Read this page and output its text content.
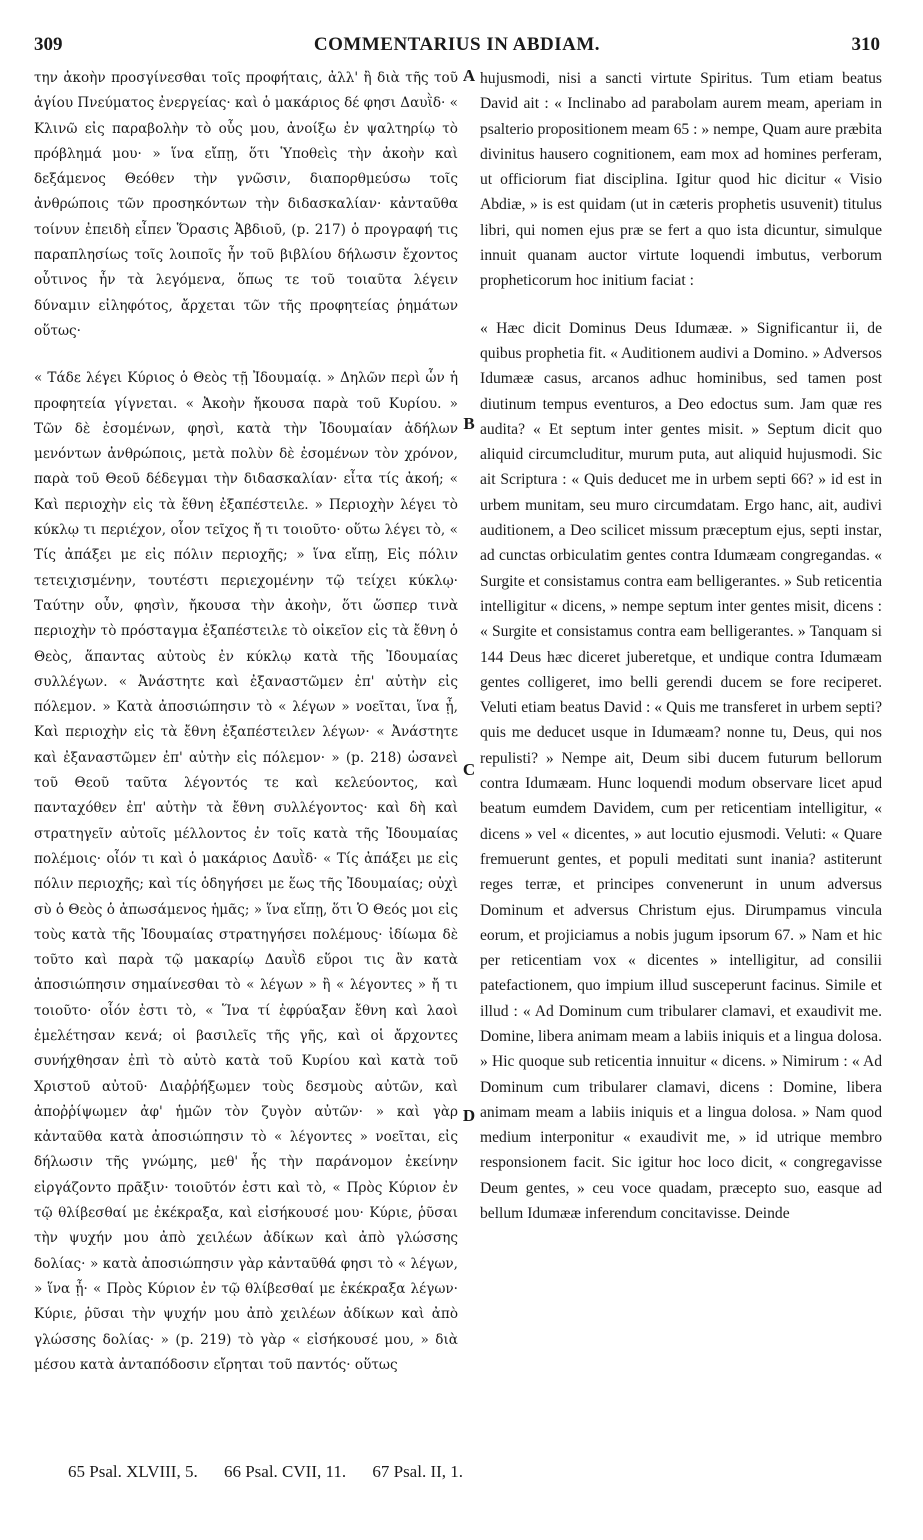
309	COMMENTARIUS IN ABDIAM.	310

την ἀκοὴν προσγίνεσθαι τοῖς προφήταις, ἀλλ' ἢ διὰ τῆς τοῦ ἁγίου Πνεύματος ἐνεργείας· καὶ ὁ μακάριος δέ φησι Δαυῒδ· « Κλινῶ εἰς παραβολὴν τὸ οὖς μου, ἀνοίξω ἐν ψαλτηρίῳ τὸ πρόβλημά μου· » ἵνα εἴπῃ, ὅτι Ὑποθεὶς τὴν ἀκοὴν καὶ δεξάμενος Θεόθεν τὴν γνῶσιν, διαπορθμεύσω τοῖς ἀνθρώποις τῶν προσηκόντων τὴν διδασκαλίαν· κἀνταῦθα τοίνυν ἐπειδὴ εἶπεν Ὅρασις Ἀβδιοῦ, (p. 217) ὁ προγραφή τις παραπλησίως τοῖς λοιποῖς ἦν τοῦ βιβλίου δήλωσιν ἔχοντος οὗτινος ἦν τὰ λεγόμενα, ὅπως τε τοῦ τοιαῦτα λέγειν δύναμιν εἰληφότος, ἄρχεται τῶν τῆς προφητείας ῥημάτων οὕτως·

« Τάδε λέγει Κύριος ὁ Θεὸς τῇ Ἰδουμαίᾳ. » Δηλῶν περὶ ὧν ἡ προφητεία γίγνεται. « Ἀκοὴν ἤκουσα παρὰ τοῦ Κυρίου. » Τῶν δὲ ἐσομένων, φησὶ, κατὰ τὴν Ἰδουμαίαν ἀδήλων μενόντων ἀνθρώποις, μετὰ πολὺν δὲ ἐσομένων τὸν χρόνον, παρὰ τοῦ Θεοῦ δέδεγμαι τὴν διδασκαλίαν· εἶτα τίς ἀκοή; « Καὶ περιοχὴν εἰς τὰ ἔθνη ἐξαπέστειλε. » Περιοχὴν λέγει τὸ κύκλῳ τι περιέχον, οἷον τεῖχος ἤ τι τοιοῦτο· οὕτω λέγει τὸ, « Τίς ἀπάξει με εἰς πόλιν περιοχῆς; » ἵνα εἴπῃ, Εἰς πόλιν τετειχισμένην, τουτέστι περιεχομένην τῷ τείχει κύκλῳ· Ταύτην οὖν, φησὶν, ἤκουσα τὴν ἀκοὴν, ὅτι ὥσπερ τινὰ περιοχὴν τὸ πρόσταγμα ἐξαπέστειλε τὸ οἰκεῖον εἰς τὰ ἔθνη ὁ Θεὸς, ἅπαντας αὐτοὺς ἐν κύκλῳ κατὰ τῆς Ἰδουμαίας συλλέγων. « Ἀνάστητε καὶ ἐξαναστῶμεν ἐπ' αὐτὴν εἰς πόλεμον. » Κατὰ ἀποσιώπησιν τὸ « λέγων » νοεῖται, ἵνα ᾖ, Καὶ περιοχὴν εἰς τὰ ἔθνη ἐξαπέστειλεν λέγων· « Ἀνάστητε καὶ ἐξαναστῶμεν ἐπ' αὐτὴν εἰς πόλεμον· » (p. 218) ὡσανεὶ τοῦ Θεοῦ ταῦτα λέγοντός τε καὶ κελεύοντος, καὶ πανταχόθεν ἐπ' αὐτὴν τὰ ἔθνη συλλέγοντος· καὶ δὴ καὶ στρατηγεῖν αὐτοῖς μέλλοντος ἐν τοῖς κατὰ τῆς Ἰδουμαίας πολέμοις· οἷόν τι καὶ ὁ μακάριος Δαυῒδ· « Τίς ἀπάξει με εἰς πόλιν περιοχῆς; καὶ τίς ὁδηγήσει με ἕως τῆς Ἰδουμαίας; οὐχὶ σὺ ὁ Θεὸς ὁ ἀπωσάμενος ἡμᾶς; » ἵνα εἴπῃ, ὅτι Ὁ Θεός μοι εἰς τοὺς κατὰ τῆς Ἰδουμαίας στρατηγήσει πολέμους· ἰδίωμα δὲ τοῦτο καὶ παρὰ τῷ μακαρίῳ Δαυῒδ εὕροι τις ἂν κατὰ ἀποσιώπησιν σημαίνεσθαι τὸ « λέγων » ἢ « λέγοντες » ἤ τι τοιοῦτο· οἷόν ἐστι τὸ, « Ἵνα τί ἐφρύαξαν ἔθνη καὶ λαοὶ ἐμελέτησαν κενά; οἱ βασιλεῖς τῆς γῆς, καὶ οἱ ἄρχοντες συνήχθησαν ἐπὶ τὸ αὐτὸ κατὰ τοῦ Κυρίου καὶ κατὰ τοῦ Χριστοῦ αὐτοῦ· Διαῤῥήξωμεν τοὺς δεσμοὺς αὐτῶν, καὶ ἀποῤῥίψωμεν ἀφ' ἡμῶν τὸν ζυγὸν αὐτῶν· » καὶ γὰρ κἀνταῦθα κατὰ ἀποσιώπησιν τὸ « λέγοντες » νοεῖται, εἰς δήλωσιν τῆς γνώμης, μεθ' ἧς τὴν παράνομον ἐκείνην εἰργάζοντο πρᾶξιν· τοιοῦτόν ἐστι καὶ τὸ, « Πρὸς Κύριον ἐν τῷ θλίβεσθαί με ἐκέκραξα, καὶ εἰσήκουσέ μου· Κύριε, ῥῦσαι τὴν ψυχήν μου ἀπὸ χειλέων ἀδίκων καὶ ἀπὸ γλώσσης δολίας· » κατὰ ἀποσιώπησιν γὰρ κἀνταῦθά φησι τὸ « λέγων, » ἵνα ᾖ· « Πρὸς Κύριον ἐν τῷ θλίβεσθαί με ἐκέκραξα λέγων· Κύριε, ῥῦσαι τὴν ψυχήν μου ἀπὸ χειλέων ἀδίκων καὶ ἀπὸ γλώσσης δολίας· » (p. 219) τὸ γὰρ « εἰσήκουσέ μου, » διὰ μέσου κατὰ ἀνταπόδοσιν εἴρηται τοῦ παντός· οὕτως

A
B
C
D

hujusmodi, nisi a sancti virtute Spiritus. Tum etiam beatus David ait : « Inclinabo ad parabolam aurem meam, aperiam in psalterio propositionem meam 65 : » nempe, Quam aure præbita divinitus hausero cognitionem, eam mox ad homines perferam, ut officiorum fiat disciplina. Igitur quod hic dicitur « Visio Abdiæ, » is est quidam (ut in cæteris prophetis usuvenit) titulus libri, qui nomen ejus præ se fert a quo ista dicuntur, simulque innuit quanam auctor virtute loquendi imbutus, verborum propheticorum hoc initium faciat :

« Hæc dicit Dominus Deus Idumææ. » Significantur ii, de quibus prophetia fit. « Auditionem audivi a Domino. » Adversos Idumææ casus, arcanos adhuc hominibus, sed tamen post diutinum tempus eventuros, a Deo edoctus sum. Jam quæ res audita? « Et septum inter gentes misit. » Septum dicit quo aliquid circumcluditur, murum puta, aut aliquid hujusmodi. Sic ait Scriptura : « Quis deducet me in urbem septi 66? » id est in urbem munitam, seu muro circumdatam. Ergo hanc, ait, audivi auditionem, a Deo scilicet missum præceptum ejus, septi instar, ad cunctas orbiculatim gentes contra Idumæam congregandas. « Surgite et consistamus contra eam belligerantes. » Sub reticentia intelligitur « dicens, » nempe septum inter gentes misit, dicens : « Surgite et consistamus contra eam belligerantes. » Tanquam si 144 Deus hæc diceret juberetque, et undique contra Idumæam gentes colligeret, imo belli gerendi ducem se fore reciperet. Veluti etiam beatus David : « Quis me transferet in urbem septi? quis me deducet usque in Idumæam? nonne tu, Deus, qui nos repulisti? » Nempe ait, Deum sibi ducem futurum bellorum contra Idumæam. Hunc loquendi modum observare licet apud beatum eumdem Davidem, cum per reticentiam intelligitur, « dicens » vel « dicentes, » aut locutio ejusmodi. Veluti: « Quare fremuerunt gentes, et populi meditati sunt inania? astiterunt reges terræ, et principes convenerunt in unum adversus Dominum et adversus Christum ejus. Dirumpamus vincula eorum, et projiciamus a nobis jugum ipsorum 67. » Nam et hic per reticentiam vox « dicentes » intelligitur, ad consilii patefactionem, quo impium illud susceperunt facinus. Simile et illud : « Ad Dominum cum tribularer clamavi, et exaudivit me. Domine, libera animam meam a labiis iniquis et a lingua dolosa. » Hic quoque sub reticentia innuitur « dicens. » Nimirum : « Ad Dominum cum tribularer clamavi, dicens : Domine, libera animam meam a labiis iniquis et a lingua dolosa. » Nam quod medium interponitur « exaudivit me, » id utrique membro responsionem facit. Sic igitur hoc loco dicit, « congregavisse Deum gentes, » ceu voce quadam, præcepto suo, easque ad bellum Idumææ inferendum concitavisse. Deinde

65 Psal. XLVIII, 5. 66 Psal. CVII, 11. 67 Psal. II, 1.
